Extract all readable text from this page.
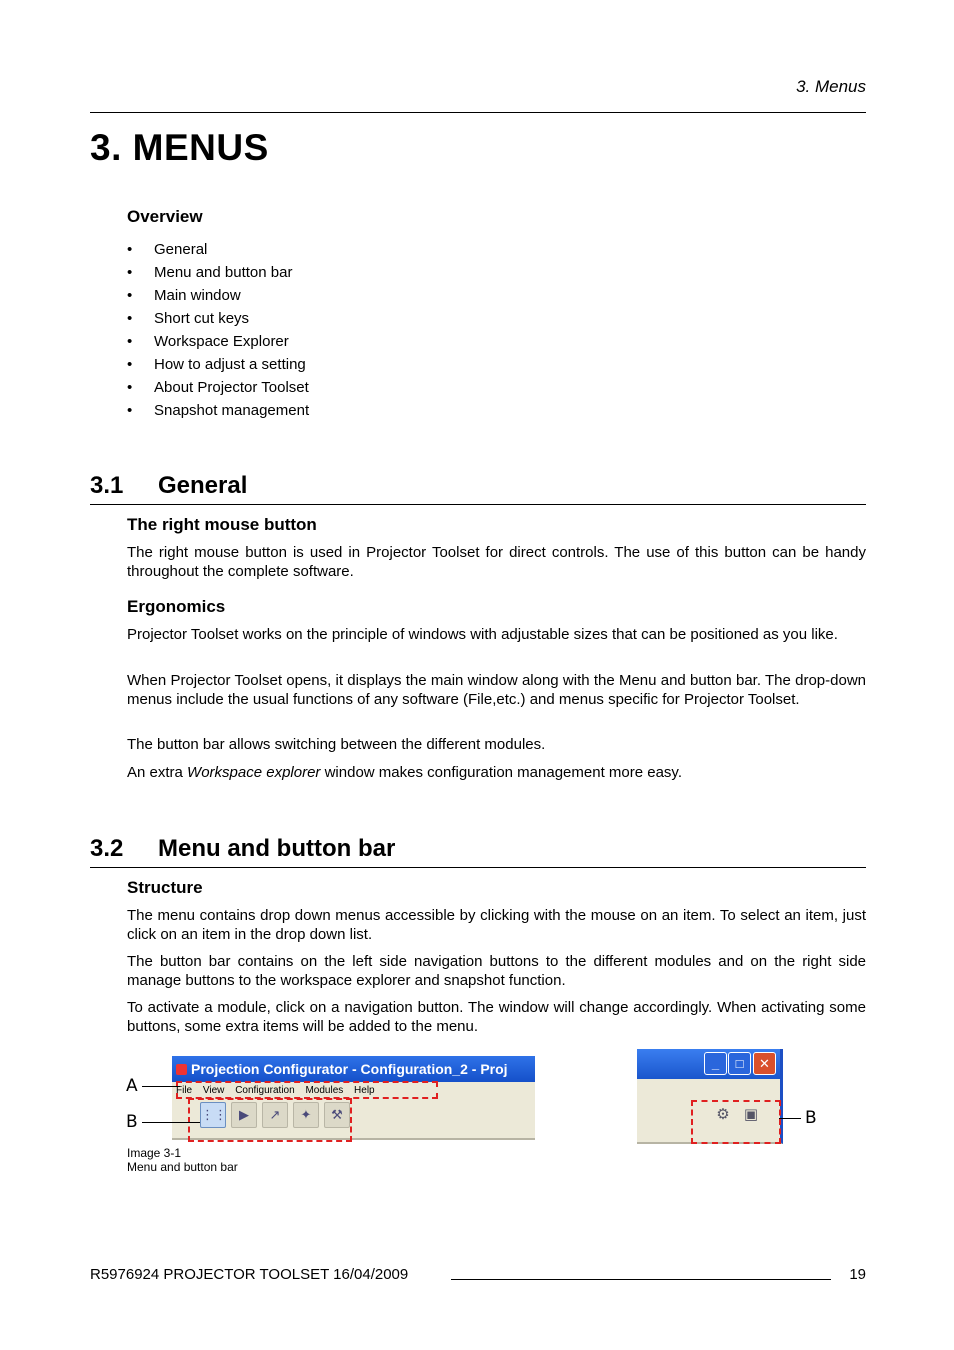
3. Menus
3. MENUS
Overview
• General
• Menu and button bar
• Main window
• Short cut keys
• Workspace Explorer
• How to adjust a setting
• About Projector Toolset
• Snapshot management
3.1 General
The right mouse button
The right mouse button is used in Projector Toolset for direct controls. The use of this button can be handy throughout the complete software.
Ergonomics
Projector Toolset works on the principle of windows with adjustable sizes that can be positioned as you like.
When Projector Toolset opens, it displays the main window along with the Menu and button bar. The drop-down menus include the usual functions of any software (File,etc.) and menus specific for Projector Toolset.
The button bar allows switching between the different modules.
An extra Workspace explorer window makes configuration management more easy.
3.2 Menu and button bar
Structure
The menu contains drop down menus accessible by clicking with the mouse on an item. To select an item, just click on an item in the drop down list.
The button bar contains on the left side navigation buttons to the different modules and on the right side manage buttons to the workspace explorer and snapshot function.
To activate a module, click on a navigation button. The window will change accordingly. When activating some buttons, some extra items will be added to the menu.
Projection Configurator - Configuration_2 - Proj
File View Configuration Modules Help
⋮⋮ ▶ ↗ ✦ ⚒
A
B
_	□	✕
⚙ ▣	B
Image 3-1
Menu and button bar
R5976924 PROJECTOR TOOLSET 16/04/2009	19
